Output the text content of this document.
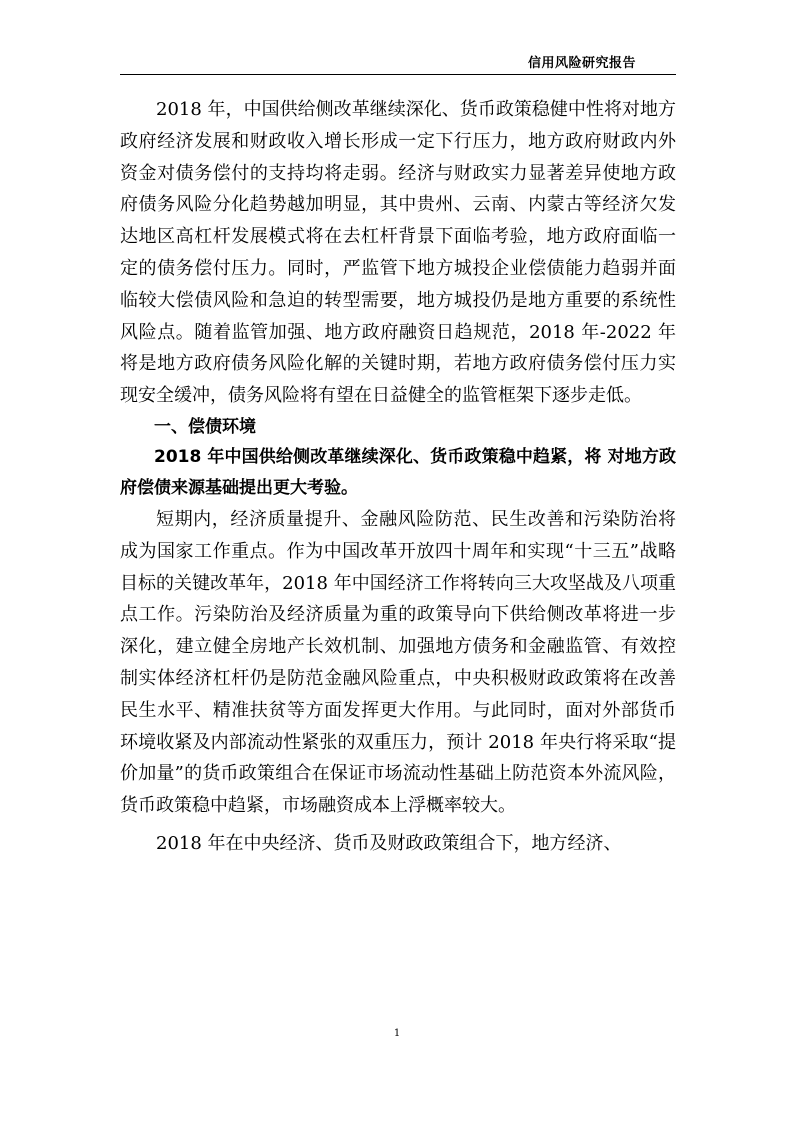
信用风险研究报告

2018 年，中国供给侧改革继续深化、货币政策稳健中性将对地方政府经济发展和财政收入增长形成一定下行压力，地方政府财政内外资金对债务偿付的支持均将走弱。经济与财政实力显著差异使地方政府债务风险分化趋势越加明显，其中贵州、云南、内蒙古等经济欠发达地区高杠杆发展模式将在去杠杆背景下面临考验，地方政府面临一定的债务偿付压力。同时，严监管下地方城投企业偿债能力趋弱并面临较大偿债风险和急迫的转型需要，地方城投仍是地方重要的系统性风险点。随着监管加强、地方政府融资日趋规范，2018 年-2022 年将是地方政府债务风险化解的关键时期，若地方政府债务偿付压力实现安全缓冲，债务风险将有望在日益健全的监管框架下逐步走低。

一、偿债环境
2018 年中国供给侧改革继续深化、货币政策稳中趋紧，将 对地方政府偿债来源基础提出更大考验。

短期内，经济质量提升、金融风险防范、民生改善和污染防治将成为国家工作重点。作为中国改革开放四十周年和实现“十三五”战略目标的关键改革年，2018 年中国经济工作将转向三大攻坚战及八项重点工作。污染防治及经济质量为重的政策导向下供给侧改革将进一步深化，建立健全房地产长效机制、加强地方债务和金融监管、有效控制实体经济杠杆仍是防范金融风险重点，中央积极财政政策将在改善民生水平、精准扶贫等方面发挥更大作用。与此同时，面对外部货币环境收紧及内部流动性紧张的双重压力，预计 2018 年央行将采取“提价加量”的货币政策组合在保证市场流动性基础上防范资本外流风险，货币政策稳中趋紧，市场融资成本上浮概率较大。

2018 年在中央经济、货币及财政政策组合下，地方经济、

1
